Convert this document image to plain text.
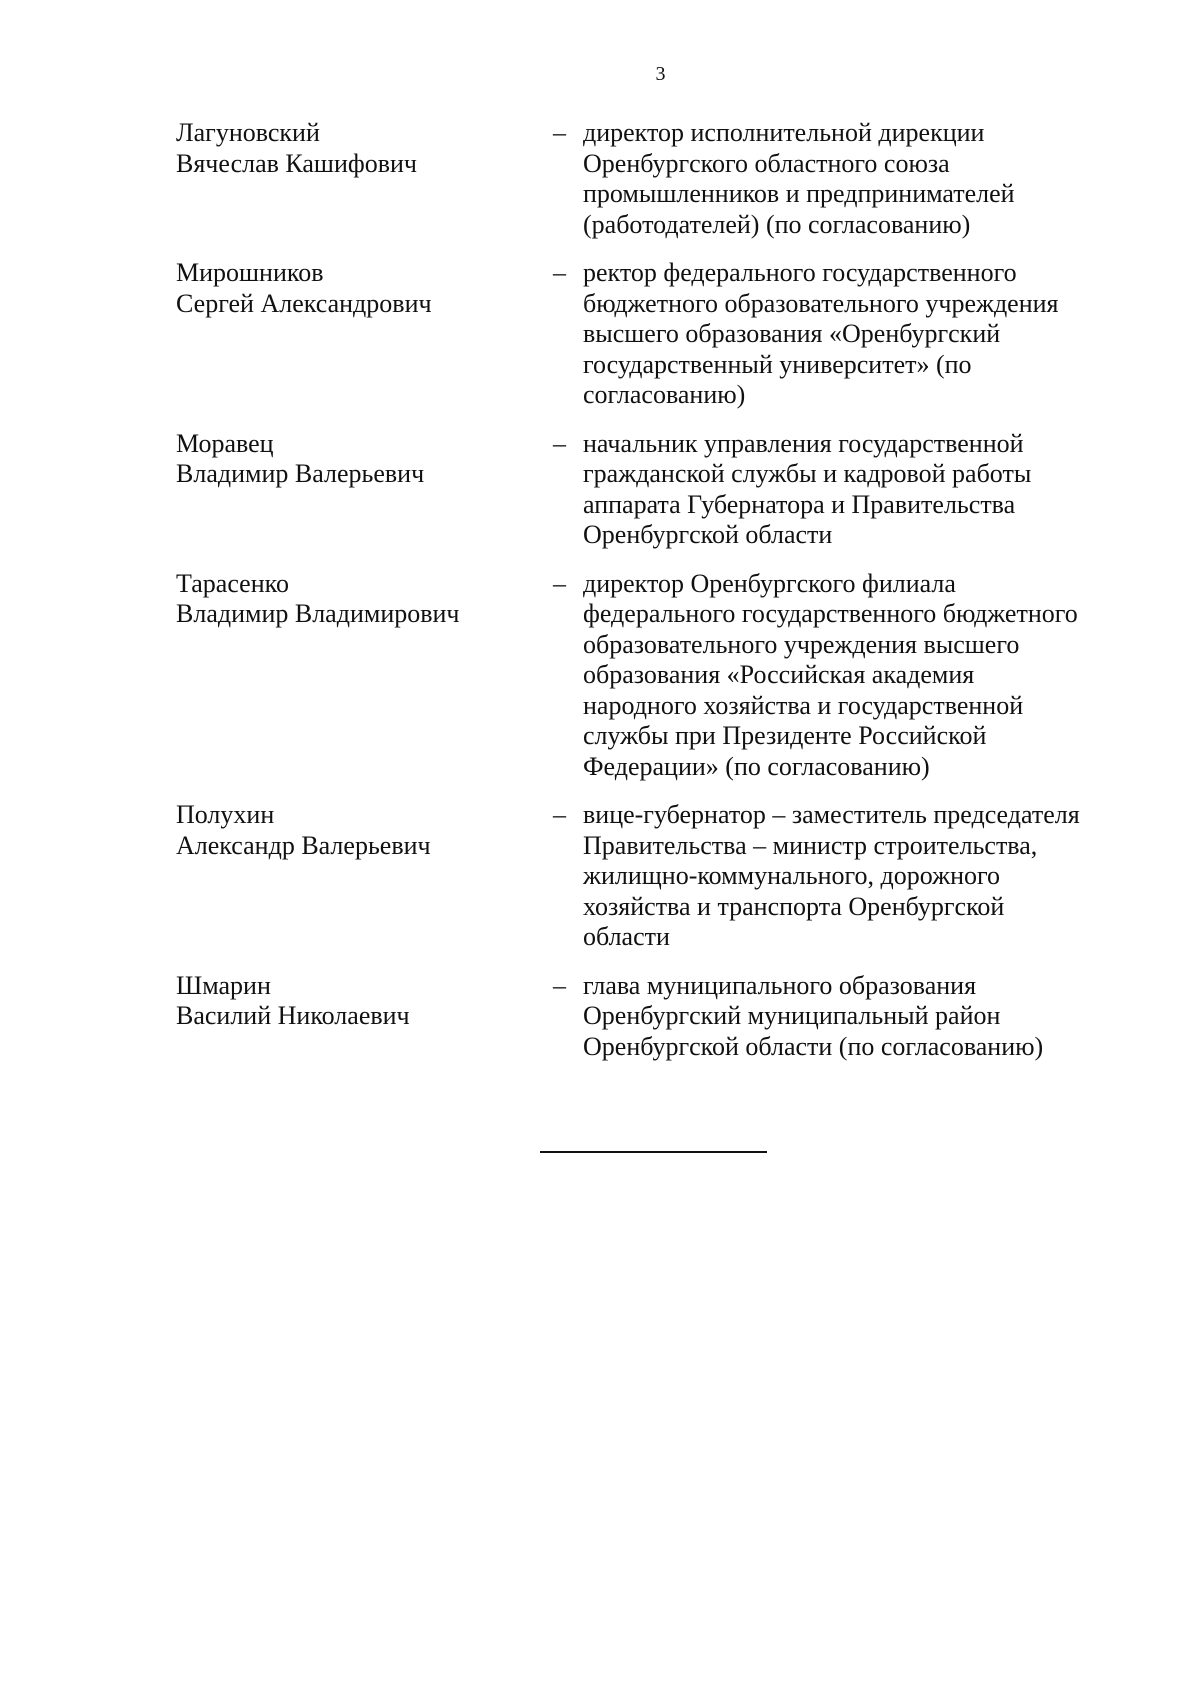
3
Лагуновский
Вячеслав Кашифович
– директор исполнительной дирекции
Оренбургского областного союза
промышленников и предпринимателей
(работодателей) (по согласованию)
Мирошников
Сергей Александрович
– ректор федерального государственного
бюджетного образовательного учреждения
высшего образования «Оренбургский
государственный университет» (по
согласованию)
Моравец
Владимир Валерьевич
– начальник управления государственной
гражданской службы и кадровой работы
аппарата Губернатора и Правительства
Оренбургской области
Тарасенко
Владимир Владимирович
– директор Оренбургского филиала
федерального государственного бюджетного
образовательного учреждения высшего
образования «Российская академия
народного хозяйства и государственной
службы при Президенте Российской
Федерации» (по согласованию)
Полухин
Александр Валерьевич
– вице-губернатор – заместитель председателя
Правительства – министр строительства,
жилищно-коммунального, дорожного
хозяйства и транспорта Оренбургской
области
Шмарин
Василий Николаевич
– глава муниципального образования
Оренбургский муниципальный район
Оренбургской области (по согласованию)
